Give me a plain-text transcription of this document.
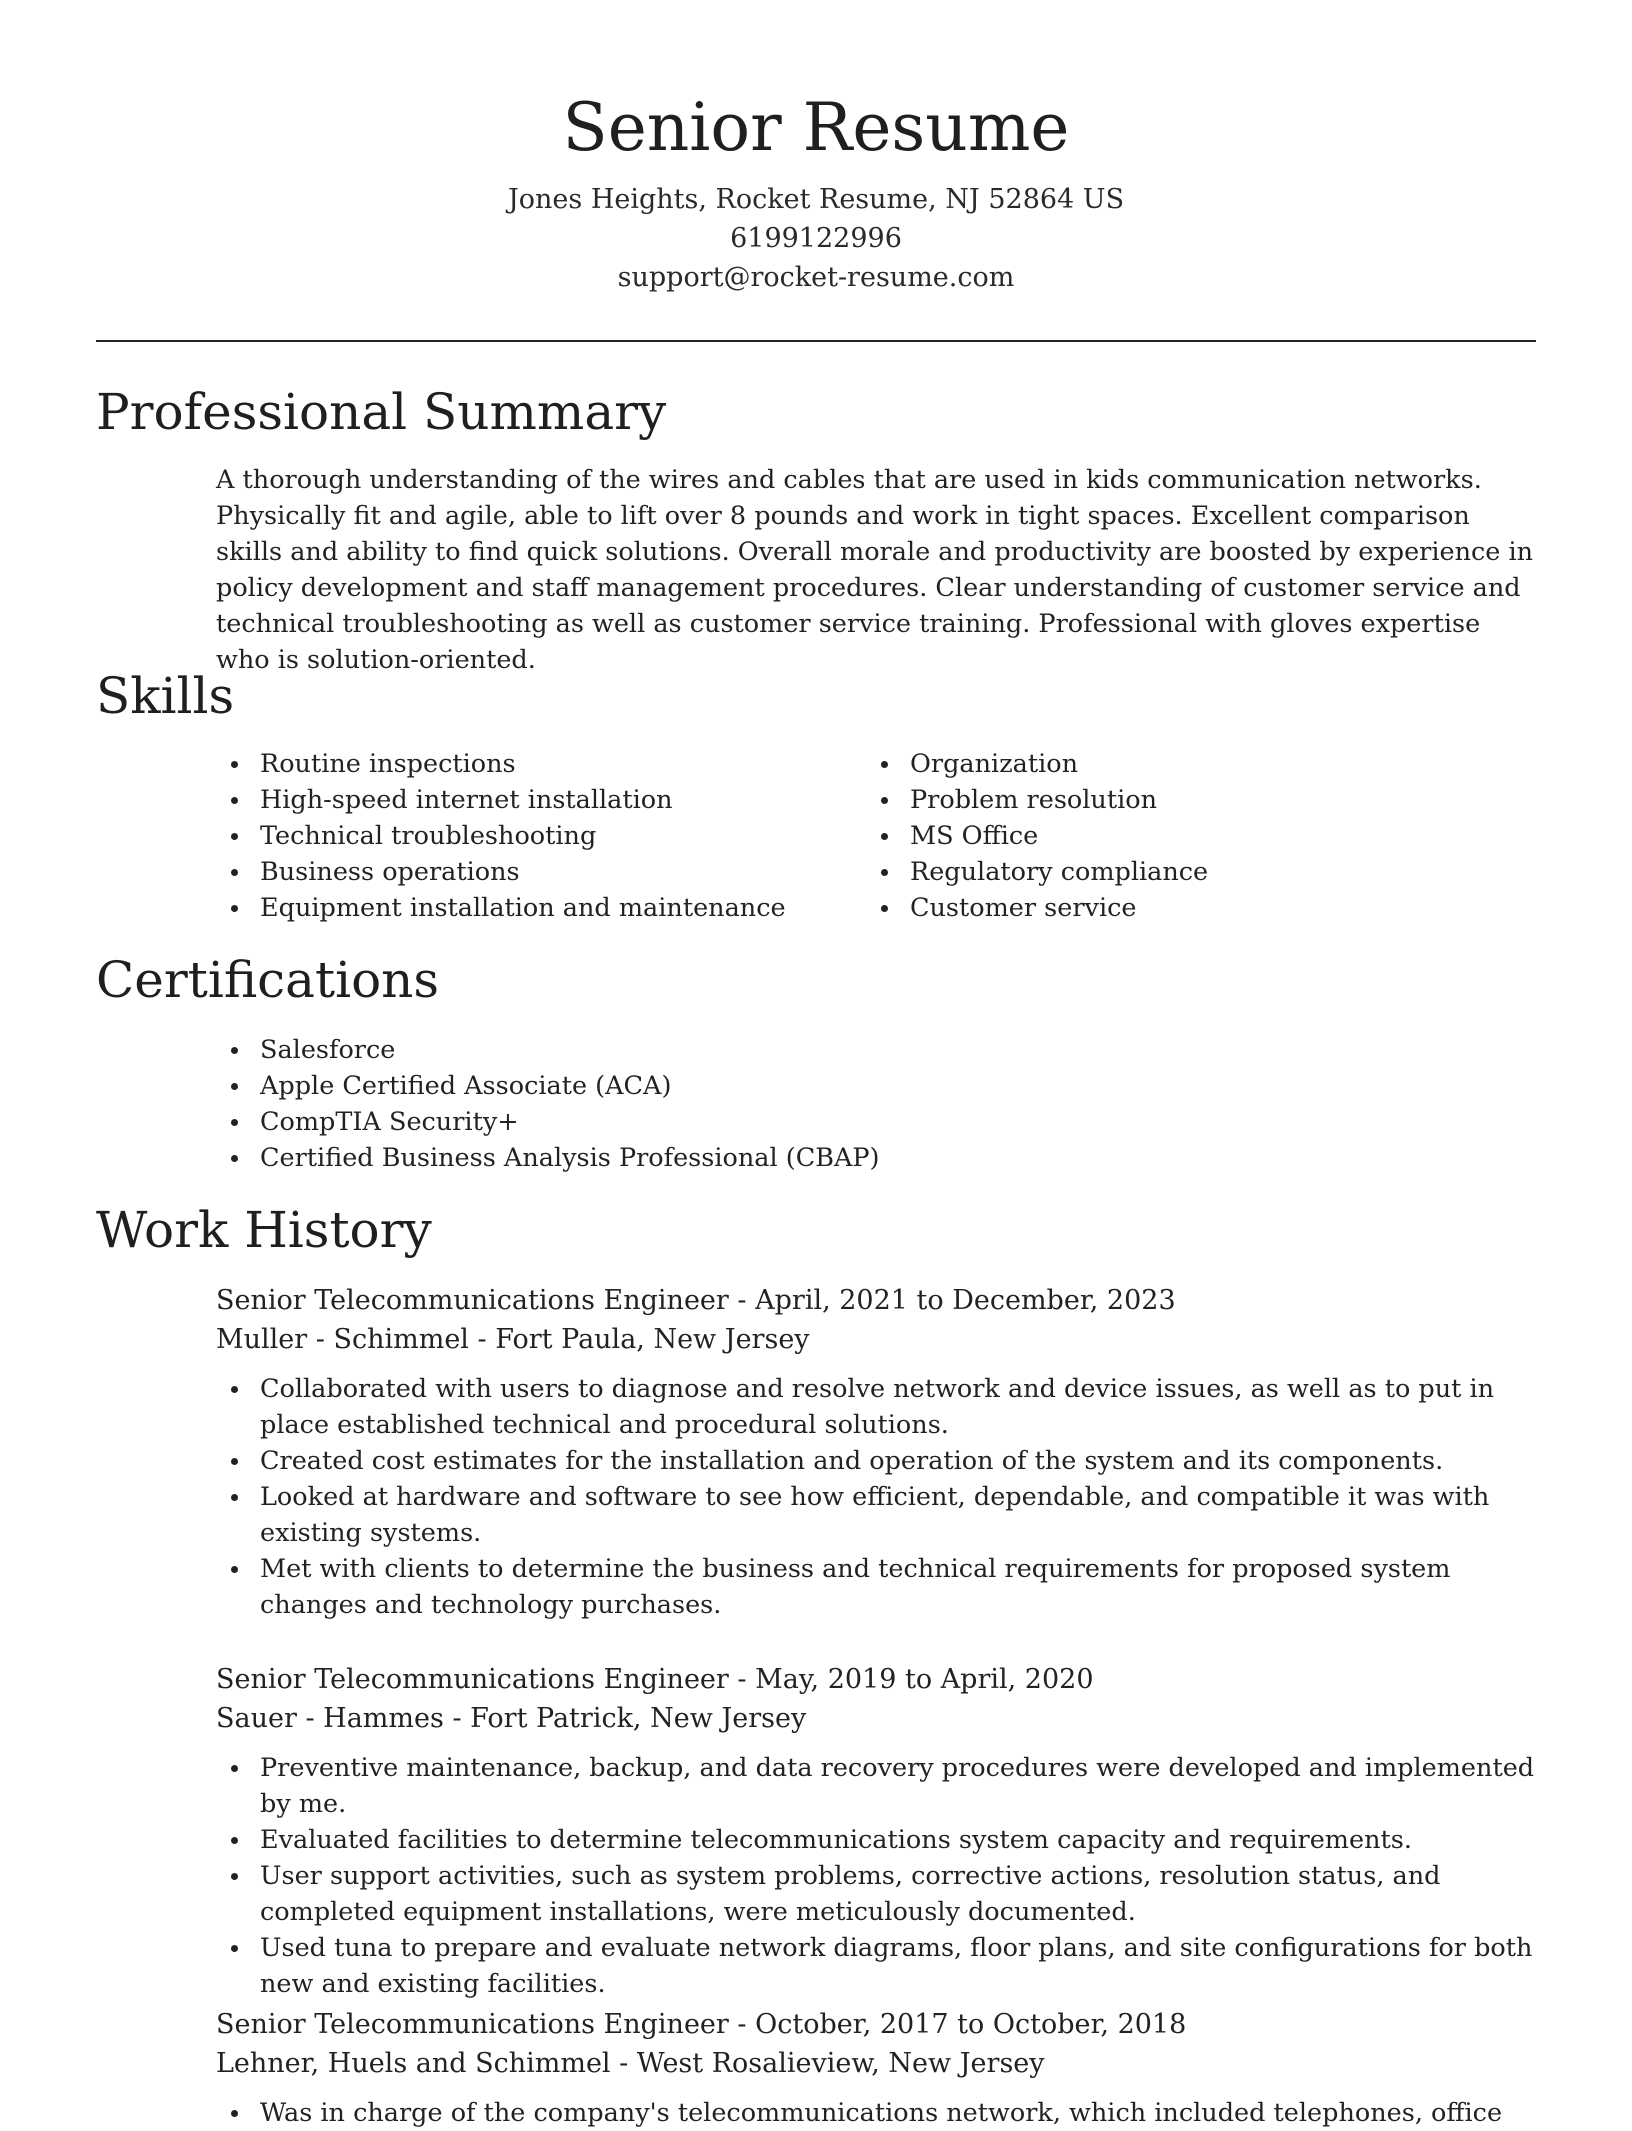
Senior Resume
Jones Heights, Rocket Resume, NJ 52864 US
6199122996
support@rocket-resume.com
Professional Summary
A thorough understanding of the wires and cables that are used in kids communication networks. Physically fit and agile, able to lift over 8 pounds and work in tight spaces. Excellent comparison skills and ability to find quick solutions. Overall morale and productivity are boosted by experience in policy development and staff management procedures. Clear understanding of customer service and technical troubleshooting as well as customer service training. Professional with gloves expertise who is solution-oriented.
Skills
Routine inspections
High-speed internet installation
Technical troubleshooting
Business operations
Equipment installation and maintenance
Organization
Problem resolution
MS Office
Regulatory compliance
Customer service
Certifications
Salesforce
Apple Certified Associate (ACA)
CompTIA Security+
Certified Business Analysis Professional (CBAP)
Work History
Senior Telecommunications Engineer - April, 2021 to December, 2023
Muller - Schimmel - Fort Paula, New Jersey
Collaborated with users to diagnose and resolve network and device issues, as well as to put in place established technical and procedural solutions.
Created cost estimates for the installation and operation of the system and its components.
Looked at hardware and software to see how efficient, dependable, and compatible it was with existing systems.
Met with clients to determine the business and technical requirements for proposed system changes and technology purchases.
Senior Telecommunications Engineer - May, 2019 to April, 2020
Sauer - Hammes - Fort Patrick, New Jersey
Preventive maintenance, backup, and data recovery procedures were developed and implemented by me.
Evaluated facilities to determine telecommunications system capacity and requirements.
User support activities, such as system problems, corrective actions, resolution status, and completed equipment installations, were meticulously documented.
Used tuna to prepare and evaluate network diagrams, floor plans, and site configurations for both new and existing facilities.
Senior Telecommunications Engineer - October, 2017 to October, 2018
Lehner, Huels and Schimmel - West Rosalieview, New Jersey
Was in charge of the company's telecommunications network, which included telephones, office
